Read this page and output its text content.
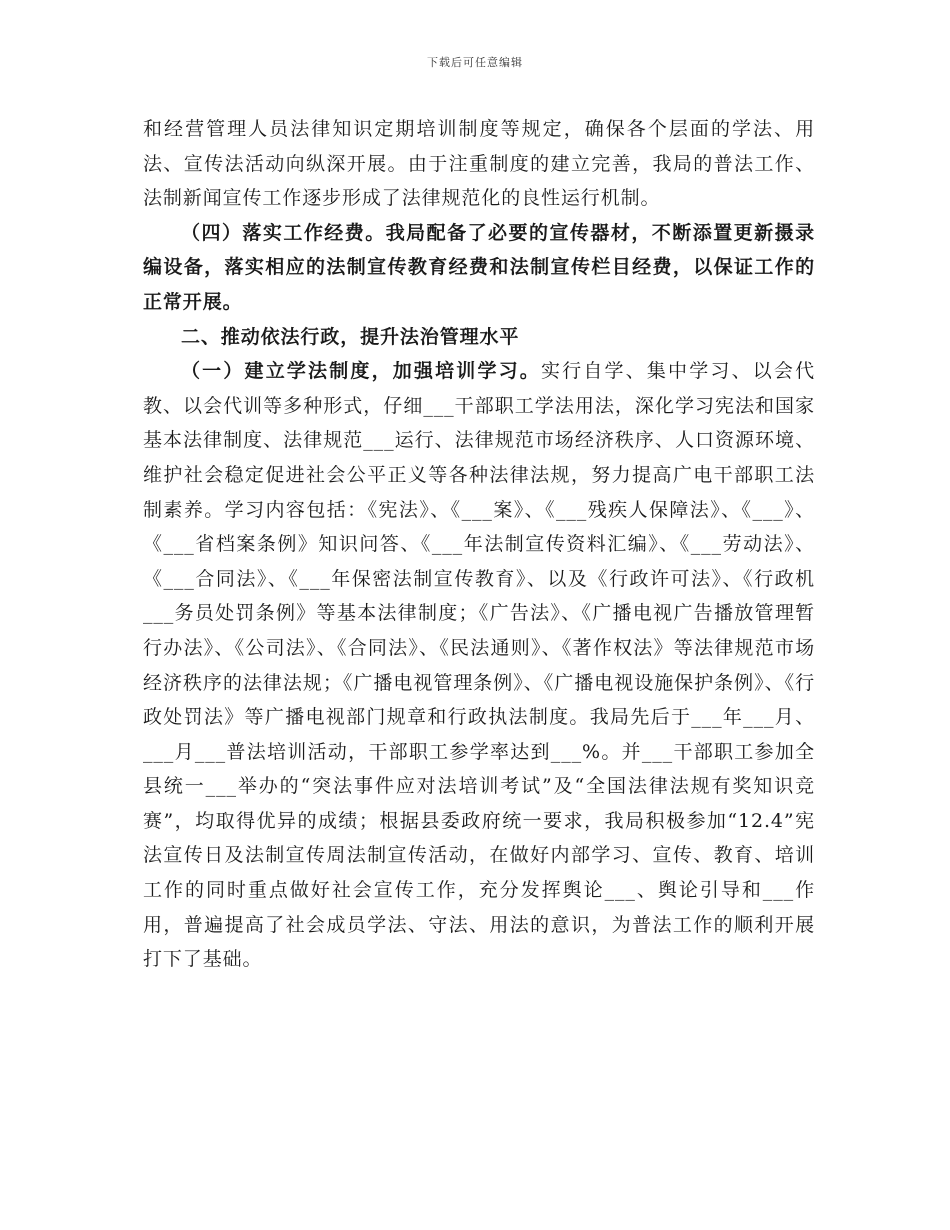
下载后可任意编辑

和经营管理人员法律知识定期培训制度等规定，确保各个层面的学法、用法、宣传法活动向纵深开展。由于注重制度的建立完善，我局的普法工作、法制新闻宣传工作逐步形成了法律规范化的良性运行机制。

（四）落实工作经费。我局配备了必要的宣传器材，不断添置更新摄录编设备，落实相应的法制宣传教育经费和法制宣传栏目经费，以保证工作的正常开展。

二、推动依法行政，提升法治管理水平

（一）建立学法制度，加强培训学习。实行自学、集中学习、以会代教、以会代训等多种形式，仔细___干部职工学法用法，深化学习宪法和国家基本法律制度、法律规范___运行、法律规范市场经济秩序、人口资源环境、维护社会稳定促进社会公平正义等各种法律法规，努力提高广电干部职工法制素养。学习内容包括：《宪法》、《___案》、《___残疾人保障法》、《___》、《___省档案条例》知识问答、《___年法制宣传资料汇编》、《___劳动法》、《___合同法》、《___年保密法制宣传教育》、以及《行政许可法》、《行政机___务员处罚条例》等基本法律制度；《广告法》、《广播电视广告播放管理暂行办法》、《公司法》、《合同法》、《民法通则》、《著作权法》等法律规范市场经济秩序的法律法规；《广播电视管理条例》、《广播电视设施保护条例》、《行政处罚法》等广播电视部门规章和行政执法制度。我局先后于___年___月、___月___普法培训活动，干部职工参学率达到___%。并___干部职工参加全县统一___举办的“突法事件应对法培训考试”及“全国法律法规有奖知识竞赛”，均取得优异的成绩；根据县委政府统一要求，我局积极参加“12.4”宪法宣传日及法制宣传周法制宣传活动，在做好内部学习、宣传、教育、培训工作的同时重点做好社会宣传工作，充分发挥舆论___、舆论引导和___作用，普遍提高了社会成员学法、守法、用法的意识，为普法工作的顺利开展打下了基础。
